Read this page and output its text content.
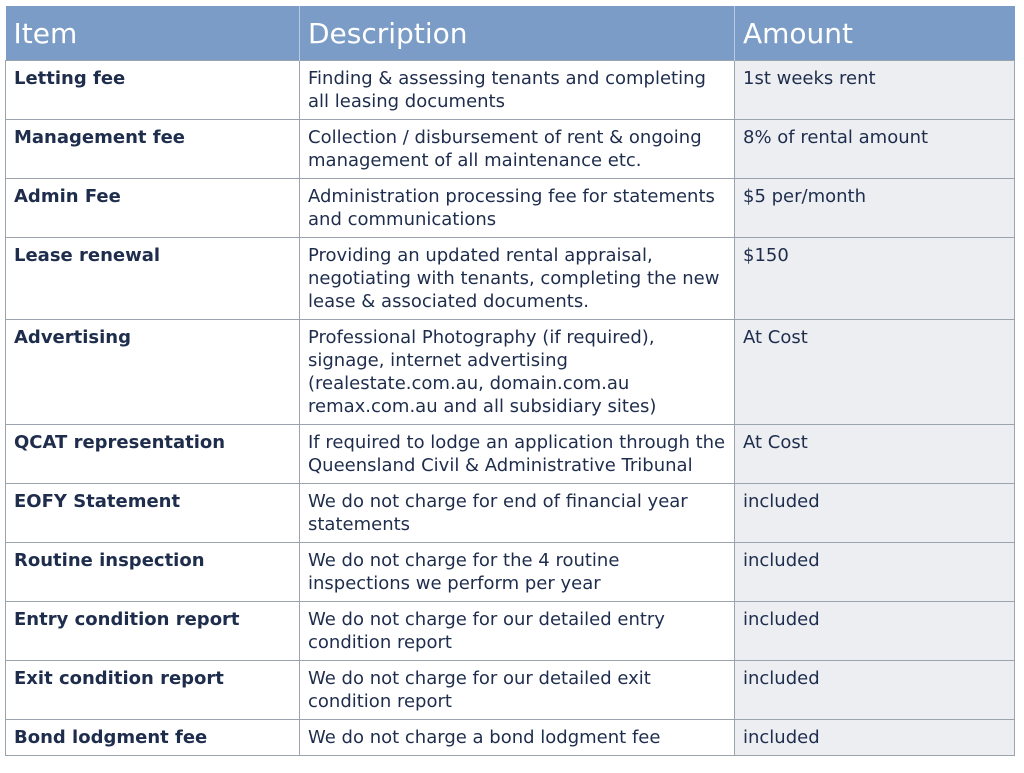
Item	Description	Amount
Letting fee	Finding & assessing tenants and completing all leasing documents	1st weeks rent
Management fee	Collection / disbursement of rent & ongoing management of all maintenance etc.	8% of rental amount
Admin Fee	Administration processing fee for statements and communications	$5 per/month
Lease renewal	Providing an updated rental appraisal, negotiating with tenants, completing the new lease & associated documents.	$150
Advertising	Professional Photography (if required), signage, internet advertising (realestate.com.au, domain.com.au remax.com.au and all subsidiary sites)	At Cost
QCAT representation	If required to lodge an application through the Queensland Civil & Administrative Tribunal	At Cost
EOFY Statement	We do not charge for end of financial year statements	included
Routine inspection	We do not charge for the 4 routine inspections we perform per year	included
Entry condition report	We do not charge for our detailed entry condition report	included
Exit condition report	We do not charge for our detailed exit condition report	included
Bond lodgment fee	We do not charge a bond lodgment fee	included
